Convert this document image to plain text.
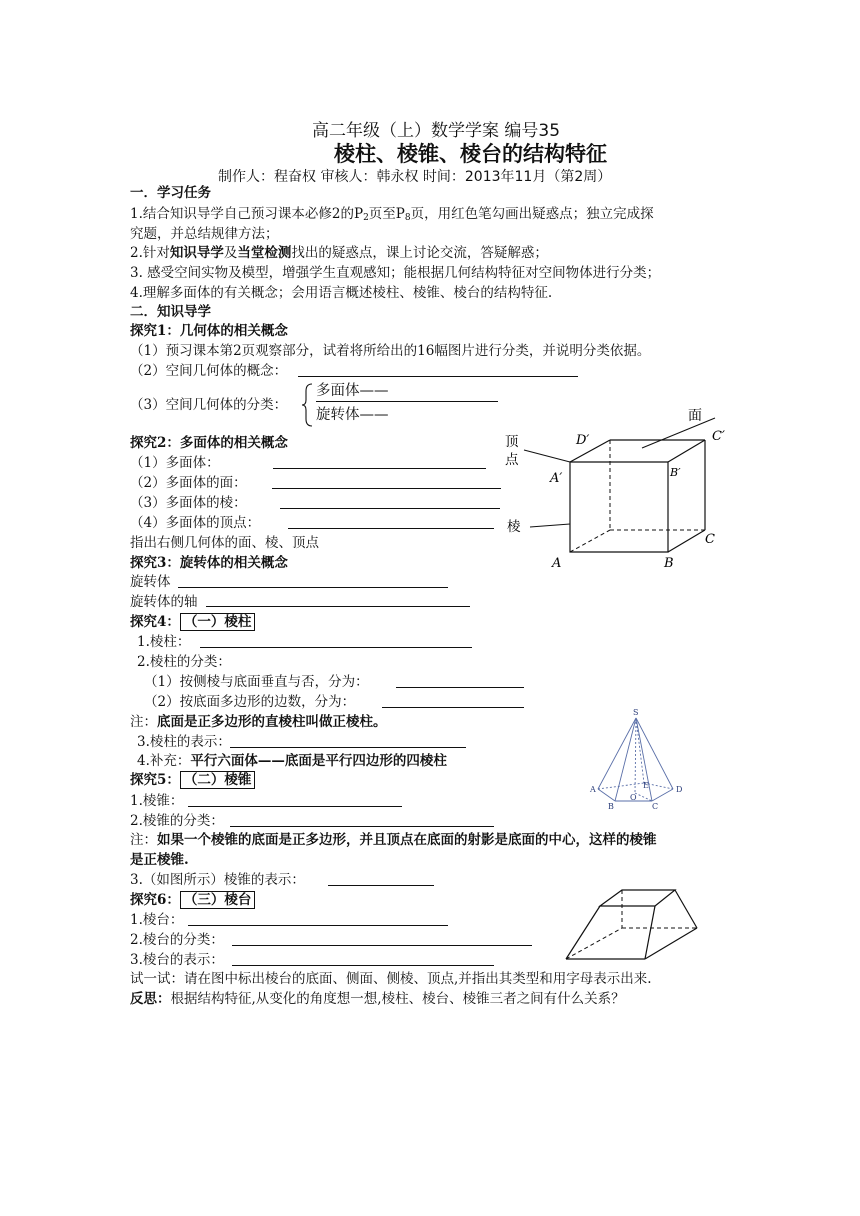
高二年级（上）数学学案 编号35
棱柱、棱锥、棱台的结构特征
制作人：程奋权 审核人：韩永权 时间：2013年11月（第2周）
一．学习任务
1.结合知识导学自己预习课本必修2的$P_2$页至$P_8$页，用红色笔勾画出疑惑点；独立完成探
究题，并总结规律方法；
2.针对知识导学及当堂检测找出的疑惑点，课上讨论交流，答疑解惑；
3. 感受空间实物及模型，增强学生直观感知；能根据几何结构特征对空间物体进行分类；
4.理解多面体的有关概念；会用语言概述棱柱、棱锥、棱台的结构特征.
二．知识导学
探究1：几何体的相关概念
（1）预习课本第2页观察部分，试着将所给出的16幅图片进行分类，并说明分类依据。
（2）空间几何体的概念：
（3）空间几何体的分类：
多面体——
旋转体——
探究2：多面体的相关概念
（1）多面体：
（2）多面体的面：
（3）多面体的棱：
（4）多面体的顶点：
指出右侧几何体的面、棱、顶点
探究3：旋转体的相关概念
旋转体
旋转体的轴
探究4： （一）棱柱
1.棱柱：
2.棱柱的分类：
（1）按侧棱与底面垂直与否，分为：
（2）按底面多边形的边数，分为：
注：底面是正多边形的直棱柱叫做正棱柱。
3.棱柱的表示：
4.补充：平行六面体——底面是平行四边形的四棱柱
探究5： （二）棱锥
1.棱锥：
2.棱锥的分类：
注：如果一个棱锥的底面是正多边形，并且顶点在底面的射影是底面的中心，这样的棱锥
是正棱锥.
3.（如图所示）棱锥的表示：
探究6： （三）棱台
1.棱台：
2.棱台的分类：
3.棱台的表示：
试一试：请在图中标出棱台的底面、侧面、侧棱、顶点,并指出其类型和用字母表示出来.
反思：根据结构特征,从变化的角度想一想,棱柱、棱台、棱锥三者之间有什么关系？
面
顶
点
棱
D′	C′
A′	B′
A	B
C
S
A
B	C
D
E
O
